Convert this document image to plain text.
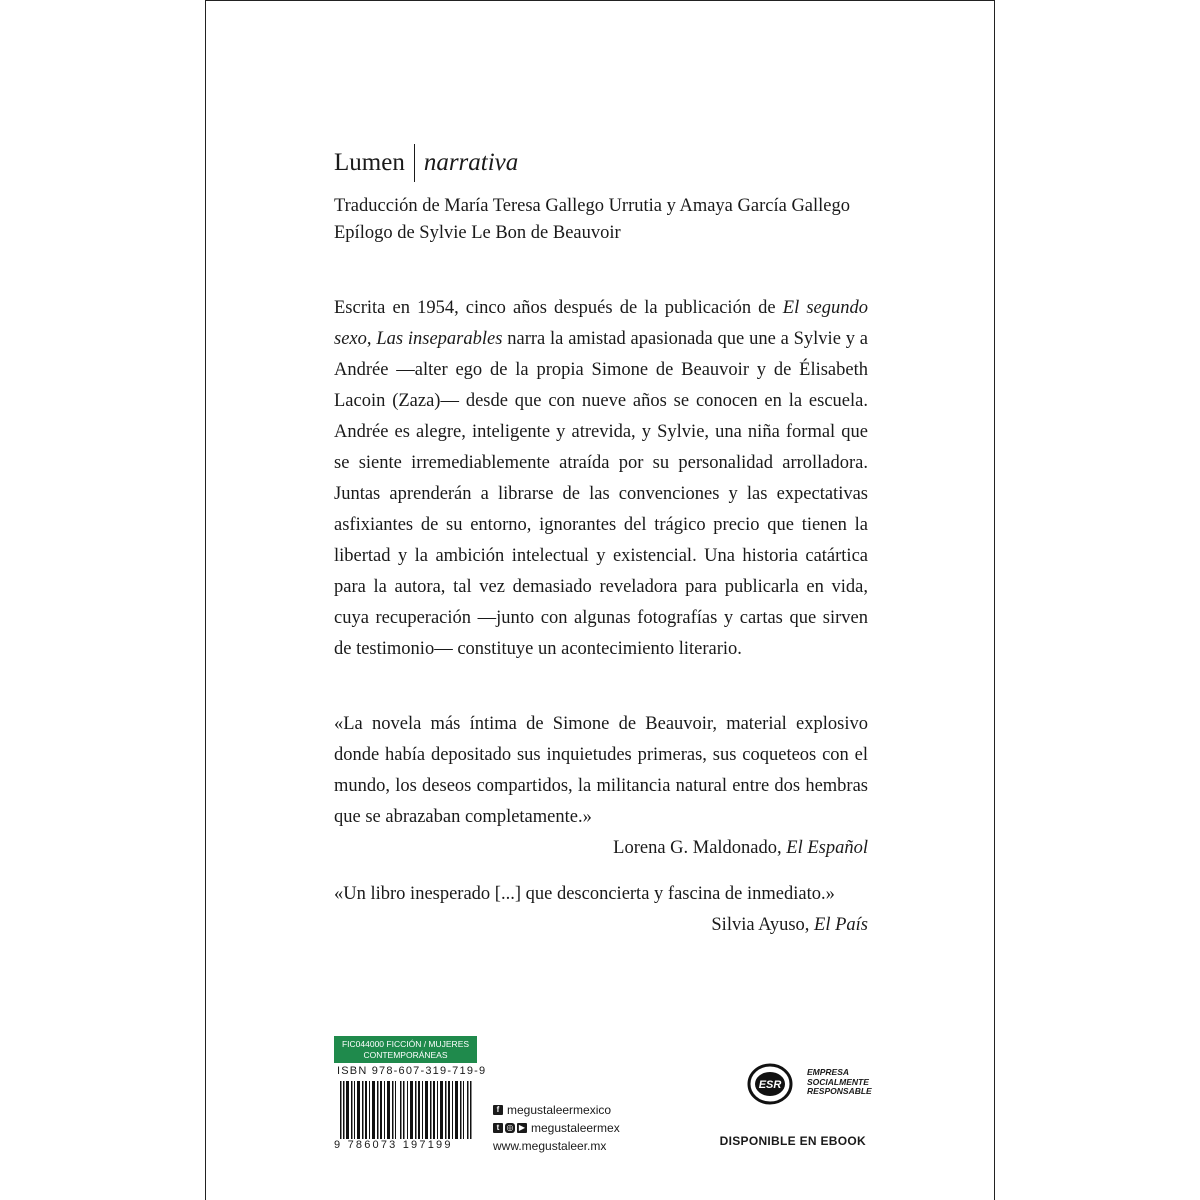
Lumen narrativa
Traducción de María Teresa Gallego Urrutia y Amaya García Gallego
Epílogo de Sylvie Le Bon de Beauvoir
Escrita en 1954, cinco años después de la publicación de El segundo sexo, Las inseparables narra la amistad apasionada que une a Sylvie y a Andrée —alter ego de la propia Simone de Beauvoir y de Élisabeth Lacoin (Zaza)— desde que con nueve años se conocen en la escuela. Andrée es alegre, inteligente y atrevida, y Sylvie, una niña formal que se siente irremediablemente atraída por su personalidad arrolladora. Juntas aprenderán a librarse de las convenciones y las expectativas asfixiantes de su entorno, ignorantes del trágico precio que tienen la libertad y la ambición intelectual y existencial. Una historia catártica para la autora, tal vez demasiado reveladora para publicarla en vida, cuya recuperación —junto con algunas fotografías y cartas que sirven de testimonio— constituye un acontecimiento literario.
«La novela más íntima de Simone de Beauvoir, material explosivo donde había depositado sus inquietudes primeras, sus coqueteos con el mundo, los deseos compartidos, la militancia natural entre dos hembras que se abrazaban completamente.»
Lorena G. Maldonado, El Español
«Un libro inesperado [...] que desconcierta y fascina de inmediato.»
Silvia Ayuso, El País
FIC044000 FICCIÓN / MUJERES CONTEMPORÁNEAS
ISBN 978-607-319-719-9
9 786073 197199
f megustaleermexico
t ◎ ▶ megustaleermex
www.megustaleer.mx
ESR
EMPRESA
SOCIALMENTE
RESPONSABLE
DISPONIBLE EN EBOOK
